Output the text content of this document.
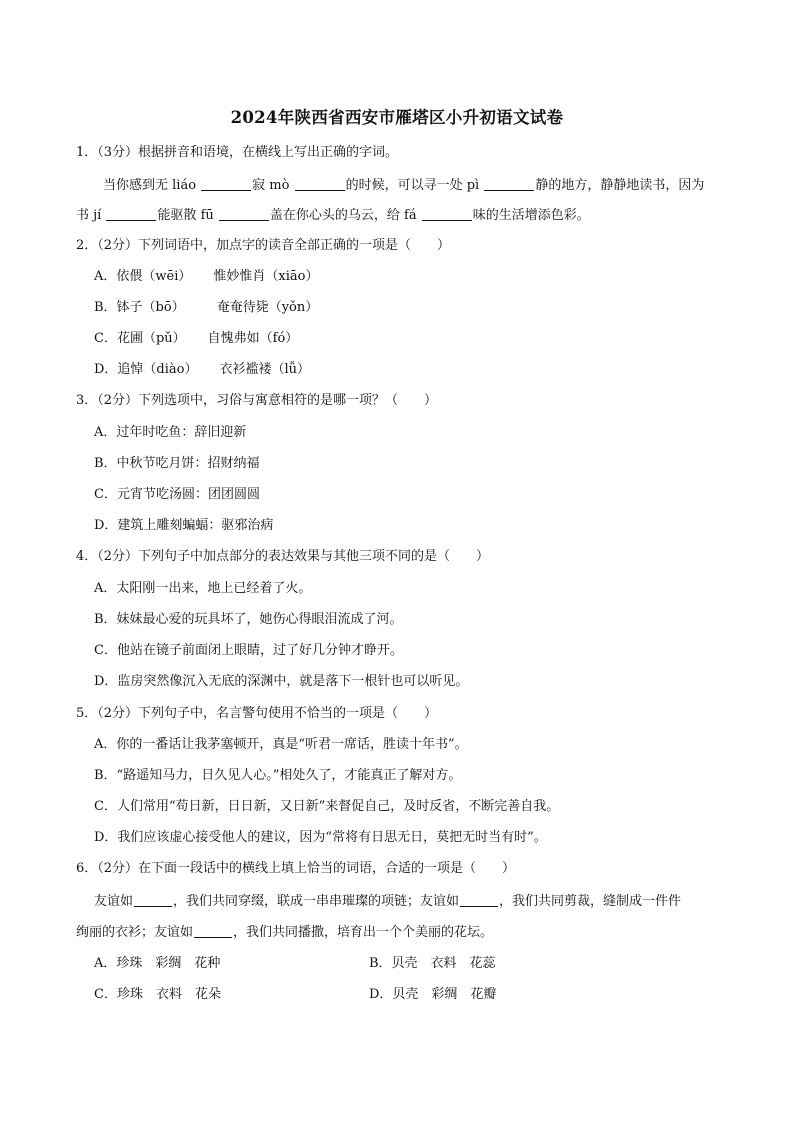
2024年陕西省西安市雁塔区小升初语文试卷
1．（3分）根据拼音和语境，在横线上写出正确的字词。
当你感到无 liáo	寂 mò	的时候，可以寻一处 pì	静的地方，静静地读书，因为
书 jí	能驱散 fū	盖在你心头的乌云，给 fá	味的生活增添色彩。
2．（2分）下列词语中，加点字的读音全部正确的一项是（　　）
A．依偎（wēi） 惟妙惟肖（xiāo）
B．钵子（bō） 奄奄待毙（yǒn）
C．花圃（pǔ） 自愧弗如（fó）
D．追悼（diào） 衣衫褴褛（lǚ）
3．（2分）下列选项中，习俗与寓意相符的是哪一项？（　　）
A．过年时吃鱼：辞旧迎新
B．中秋节吃月饼：招财纳福
C．元宵节吃汤圆：团团圆圆
D．建筑上雕刻蝙蝠：驱邪治病
4．（2分）下列句子中加点部分的表达效果与其他三项不同的是（　　）
A．太阳刚一出来，地上已经着了火。
B．妹妹最心爱的玩具坏了，她伤心得眼泪流成了河。
C．他站在镜子前面闭上眼睛，过了好几分钟才睁开。
D．监房突然像沉入无底的深渊中，就是落下一根针也可以听见。
5．（2分）下列句子中，名言警句使用不恰当的一项是（　　）
A．你的一番话让我茅塞顿开，真是“听君一席话，胜读十年书”。
B．“路遥知马力，日久见人心。”相处久了，才能真正了解对方。
C．人们常用“苟日新，日日新，又日新”来督促自己，及时反省，不断完善自我。
D．我们应该虚心接受他人的建议，因为“常将有日思无日，莫把无时当有时”。
6．（2分）在下面一段话中的横线上填上恰当的词语，合适的一项是（　　）
友谊如	，我们共同穿缀，联成一串串璀璨的项链；友谊如	，我们共同剪裁，缝制成一件件
绚丽的衣衫；友谊如	，我们共同播撒，培育出一个个美丽的花坛。
A．珍珠　彩绸　花种	B．贝壳　衣料　花蕊
C．珍珠　衣料　花朵	D．贝壳　彩绸　花瓣
